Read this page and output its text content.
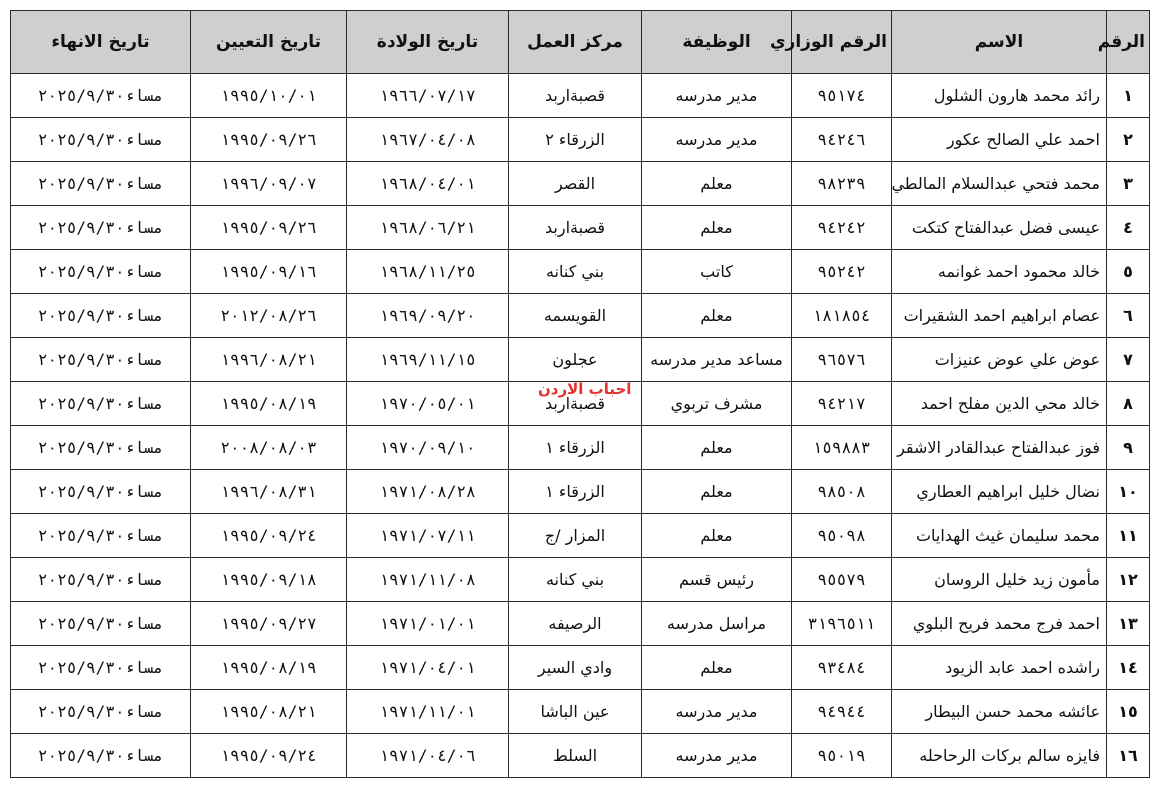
الرقم	الاسم	الرقم الوزاري	الوظيفة	مركز العمل	تاريخ الولادة	تاريخ التعيين	تاريخ الانهاء
١	رائد محمد هارون الشلول	٩٥١٧٤	مدير مدرسه	قصبةاربد	١٩٦٦/٠٧/١٧	١٩٩٥/١٠/٠١	مساء٢٠٢٥/٩/٣٠
٢	احمد علي الصالح عكور	٩٤٢٤٦	مدير مدرسه	الزرقاء ٢	١٩٦٧/٠٤/٠٨	١٩٩٥/٠٩/٢٦	مساء٢٠٢٥/٩/٣٠
٣	محمد فتحي عبدالسلام المالطي	٩٨٢٣٩	معلم	القصر	١٩٦٨/٠٤/٠١	١٩٩٦/٠٩/٠٧	مساء٢٠٢٥/٩/٣٠
٤	عيسى فضل عبدالفتاح كتكت	٩٤٢٤٢	معلم	قصبةاربد	١٩٦٨/٠٦/٢١	١٩٩٥/٠٩/٢٦	مساء٢٠٢٥/٩/٣٠
٥	خالد محمود احمد غوانمه	٩٥٢٤٢	كاتب	بني كنانه	١٩٦٨/١١/٢٥	١٩٩٥/٠٩/١٦	مساء٢٠٢٥/٩/٣٠
٦	عصام ابراهيم احمد الشقيرات	١٨١٨٥٤	معلم	القويسمه	١٩٦٩/٠٩/٢٠	٢٠١٢/٠٨/٢٦	مساء٢٠٢٥/٩/٣٠
٧	عوض علي عوض عنيزات	٩٦٥٧٦	مساعد مدير مدرسه	عجلون	١٩٦٩/١١/١٥	١٩٩٦/٠٨/٢١	مساء٢٠٢٥/٩/٣٠
٨	خالد محي الدين مفلح احمد	٩٤٢١٧	مشرف تربوي	قصبةاربد	١٩٧٠/٠٥/٠١	١٩٩٥/٠٨/١٩	مساء٢٠٢٥/٩/٣٠
٩	فوز عبدالفتاح عبدالقادر الاشقر	١٥٩٨٨٣	معلم	الزرقاء ١	١٩٧٠/٠٩/١٠	٢٠٠٨/٠٨/٠٣	مساء٢٠٢٥/٩/٣٠
١٠	نضال خليل ابراهيم العطاري	٩٨٥٠٨	معلم	الزرقاء ١	١٩٧١/٠٨/٢٨	١٩٩٦/٠٨/٣١	مساء٢٠٢٥/٩/٣٠
١١	محمد سليمان غيث الهدايات	٩٥٠٩٨	معلم	المزار /ج	١٩٧١/٠٧/١١	١٩٩٥/٠٩/٢٤	مساء٢٠٢٥/٩/٣٠
١٢	مأمون زيد خليل الروسان	٩٥٥٧٩	رئيس قسم	بني كنانه	١٩٧١/١١/٠٨	١٩٩٥/٠٩/١٨	مساء٢٠٢٥/٩/٣٠
١٣	احمد فرج محمد فريح البلوي	٣١٩٦٥١١	مراسل مدرسه	الرصيفه	١٩٧١/٠١/٠١	١٩٩٥/٠٩/٢٧	مساء٢٠٢٥/٩/٣٠
١٤	راشده احمد عابد الزيود	٩٣٤٨٤	معلم	وادي السير	١٩٧١/٠٤/٠١	١٩٩٥/٠٨/١٩	مساء٢٠٢٥/٩/٣٠
١٥	عائشه محمد حسن البيطار	٩٤٩٤٤	مدير مدرسه	عين الباشا	١٩٧١/١١/٠١	١٩٩٥/٠٨/٢١	مساء٢٠٢٥/٩/٣٠
١٦	فايزه سالم بركات الرحاحله	٩٥٠١٩	مدير مدرسه	السلط	١٩٧١/٠٤/٠٦	١٩٩٥/٠٩/٢٤	مساء٢٠٢٥/٩/٣٠
احباب الاردن
